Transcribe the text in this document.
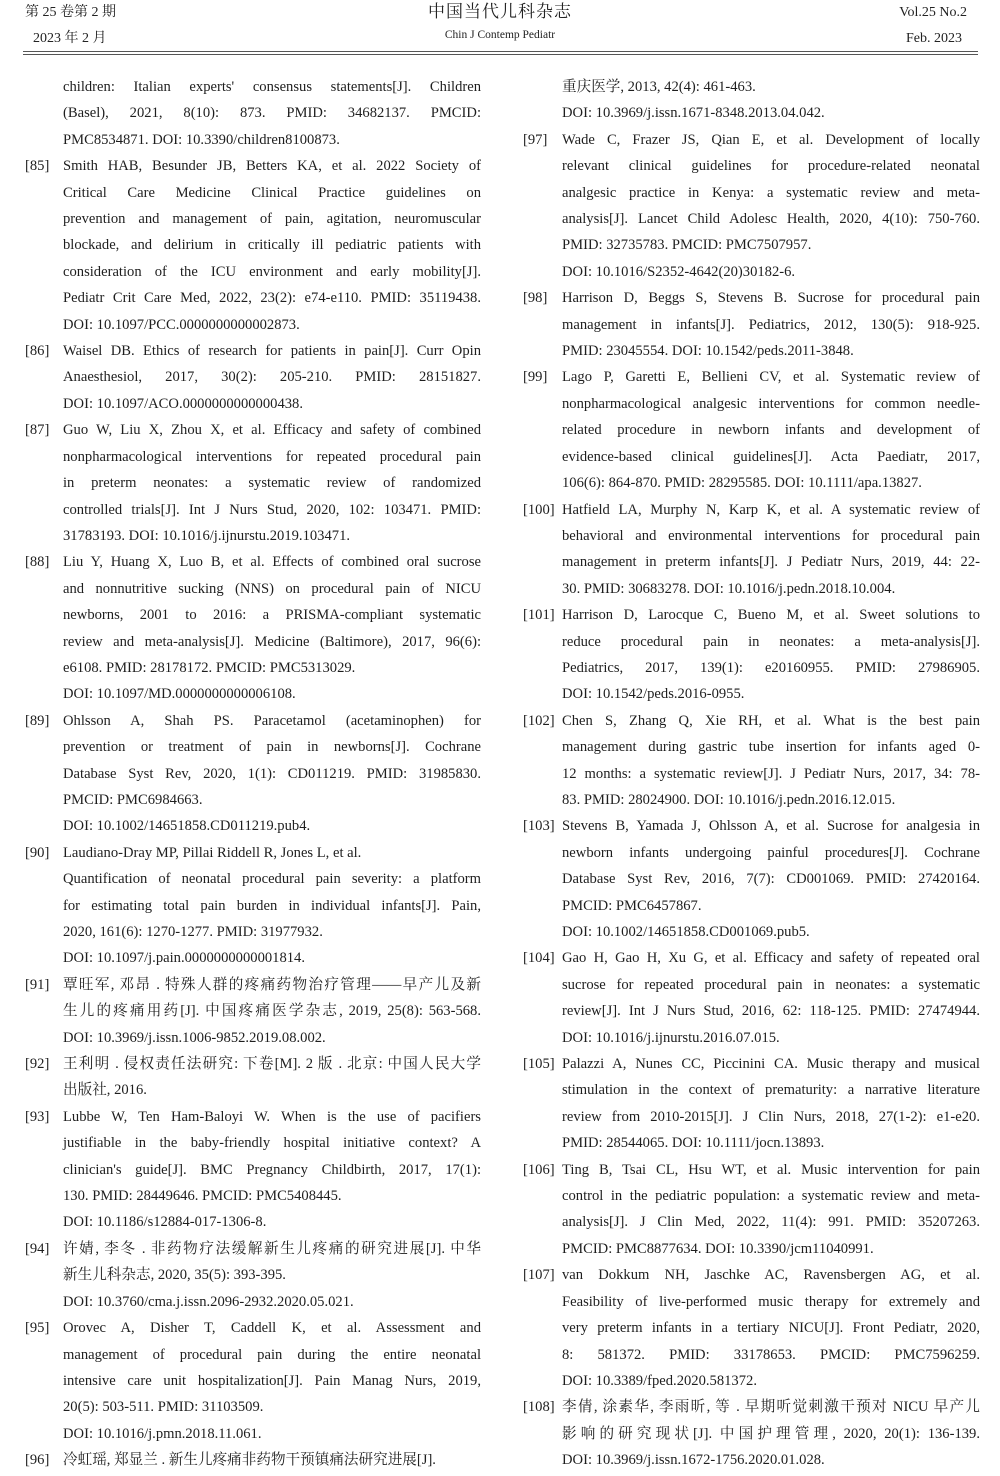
第 25 卷第 2 期
2023 年 2 月
中国当代儿科杂志
Chin J Contemp Pediatr
Vol.25 No.2
Feb. 2023
children: Italian experts' consensus statements[J]. Children
(Basel), 2021, 8(10): 873. PMID: 34682137. PMCID:
PMC8534871. DOI: 10.3390/children8100873.
[85] Smith HAB, Besunder JB, Betters KA, et al. 2022 Society of
Critical Care Medicine Clinical Practice guidelines on
prevention and management of pain, agitation, neuromuscular
blockade, and delirium in critically ill pediatric patients with
consideration of the ICU environment and early mobility[J].
Pediatr Crit Care Med, 2022, 23(2): e74-e110. PMID: 35119438.
DOI: 10.1097/PCC.0000000000002873.
[86] Waisel DB. Ethics of research for patients in pain[J]. Curr Opin
Anaesthesiol, 2017, 30(2): 205-210. PMID: 28151827.
DOI: 10.1097/ACO.0000000000000438.
[87] Guo W, Liu X, Zhou X, et al. Efficacy and safety of combined
nonpharmacological interventions for repeated procedural pain
in preterm neonates: a systematic review of randomized
controlled trials[J]. Int J Nurs Stud, 2020, 102: 103471. PMID:
31783193. DOI: 10.1016/j.ijnurstu.2019.103471.
[88] Liu Y, Huang X, Luo B, et al. Effects of combined oral sucrose
and nonnutritive sucking (NNS) on procedural pain of NICU
newborns, 2001 to 2016: a PRISMA-compliant systematic
review and meta-analysis[J]. Medicine (Baltimore), 2017, 96(6):
e6108. PMID: 28178172. PMCID: PMC5313029.
DOI: 10.1097/MD.0000000000006108.
[89] Ohlsson A, Shah PS. Paracetamol (acetaminophen) for
prevention or treatment of pain in newborns[J]. Cochrane
Database Syst Rev, 2020, 1(1): CD011219. PMID: 31985830.
PMCID: PMC6984663.
DOI: 10.1002/14651858.CD011219.pub4.
[90] Laudiano-Dray MP, Pillai Riddell R, Jones L, et al.
Quantification of neonatal procedural pain severity: a platform
for estimating total pain burden in individual infants[J]. Pain,
2020, 161(6): 1270-1277. PMID: 31977932.
DOI: 10.1097/j.pain.0000000000001814.
[91] 覃旺军, 邓昂 . 特殊人群的疼痛药物治疗管理——早产儿及新
生儿的疼痛用药[J]. 中国疼痛医学杂志, 2019, 25(8): 563-568.
DOI: 10.3969/j.issn.1006-9852.2019.08.002.
[92] 王利明 . 侵权责任法研究: 下卷[M]. 2 版 . 北京: 中国人民大学
出版社, 2016.
[93] Lubbe W, Ten Ham-Baloyi W. When is the use of pacifiers
justifiable in the baby-friendly hospital initiative context? A
clinician's guide[J]. BMC Pregnancy Childbirth, 2017, 17(1):
130. PMID: 28449646. PMCID: PMC5408445.
DOI: 10.1186/s12884-017-1306-8.
[94] 许婧, 李冬 . 非药物疗法缓解新生儿疼痛的研究进展[J]. 中华
新生儿科杂志, 2020, 35(5): 393-395.
DOI: 10.3760/cma.j.issn.2096-2932.2020.05.021.
[95] Orovec A, Disher T, Caddell K, et al. Assessment and
management of procedural pain during the entire neonatal
intensive care unit hospitalization[J]. Pain Manag Nurs, 2019,
20(5): 503-511. PMID: 31103509.
DOI: 10.1016/j.pmn.2018.11.061.
[96] 冷虹瑶, 郑显兰 . 新生儿疼痛非药物干预镇痛法研究进展[J].
重庆医学, 2013, 42(4): 461-463.
DOI: 10.3969/j.issn.1671-8348.2013.04.042.
[97] Wade C, Frazer JS, Qian E, et al. Development of locally
relevant clinical guidelines for procedure-related neonatal
analgesic practice in Kenya: a systematic review and meta-
analysis[J]. Lancet Child Adolesc Health, 2020, 4(10): 750-760.
PMID: 32735783. PMCID: PMC7507957.
DOI: 10.1016/S2352-4642(20)30182-6.
[98] Harrison D, Beggs S, Stevens B. Sucrose for procedural pain
management in infants[J]. Pediatrics, 2012, 130(5): 918-925.
PMID: 23045554. DOI: 10.1542/peds.2011-3848.
[99] Lago P, Garetti E, Bellieni CV, et al. Systematic review of
nonpharmacological analgesic interventions for common needle-
related procedure in newborn infants and development of
evidence-based clinical guidelines[J]. Acta Paediatr, 2017,
106(6): 864-870. PMID: 28295585. DOI: 10.1111/apa.13827.
[100] Hatfield LA, Murphy N, Karp K, et al. A systematic review of
behavioral and environmental interventions for procedural pain
management in preterm infants[J]. J Pediatr Nurs, 2019, 44: 22-
30. PMID: 30683278. DOI: 10.1016/j.pedn.2018.10.004.
[101] Harrison D, Larocque C, Bueno M, et al. Sweet solutions to
reduce procedural pain in neonates: a meta-analysis[J].
Pediatrics, 2017, 139(1): e20160955. PMID: 27986905.
DOI: 10.1542/peds.2016-0955.
[102] Chen S, Zhang Q, Xie RH, et al. What is the best pain
management during gastric tube insertion for infants aged 0-
12 months: a systematic review[J]. J Pediatr Nurs, 2017, 34: 78-
83. PMID: 28024900. DOI: 10.1016/j.pedn.2016.12.015.
[103] Stevens B, Yamada J, Ohlsson A, et al. Sucrose for analgesia in
newborn infants undergoing painful procedures[J]. Cochrane
Database Syst Rev, 2016, 7(7): CD001069. PMID: 27420164.
PMCID: PMC6457867.
DOI: 10.1002/14651858.CD001069.pub5.
[104] Gao H, Gao H, Xu G, et al. Efficacy and safety of repeated oral
sucrose for repeated procedural pain in neonates: a systematic
review[J]. Int J Nurs Stud, 2016, 62: 118-125. PMID: 27474944.
DOI: 10.1016/j.ijnurstu.2016.07.015.
[105] Palazzi A, Nunes CC, Piccinini CA. Music therapy and musical
stimulation in the context of prematurity: a narrative literature
review from 2010-2015[J]. J Clin Nurs, 2018, 27(1-2): e1-e20.
PMID: 28544065. DOI: 10.1111/jocn.13893.
[106] Ting B, Tsai CL, Hsu WT, et al. Music intervention for pain
control in the pediatric population: a systematic review and meta-
analysis[J]. J Clin Med, 2022, 11(4): 991. PMID: 35207263.
PMCID: PMC8877634. DOI: 10.3390/jcm11040991.
[107] van Dokkum NH, Jaschke AC, Ravensbergen AG, et al.
Feasibility of live-performed music therapy for extremely and
very preterm infants in a tertiary NICU[J]. Front Pediatr, 2020,
8: 581372. PMID: 33178653. PMCID: PMC7596259.
DOI: 10.3389/fped.2020.581372.
[108] 李倩, 涂素华, 李雨昕, 等 . 早期听觉刺激干预对 NICU 早产儿
影响的研究现状[J]. 中国护理管理, 2020, 20(1): 136-139.
DOI: 10.3969/j.issn.1672-1756.2020.01.028.
